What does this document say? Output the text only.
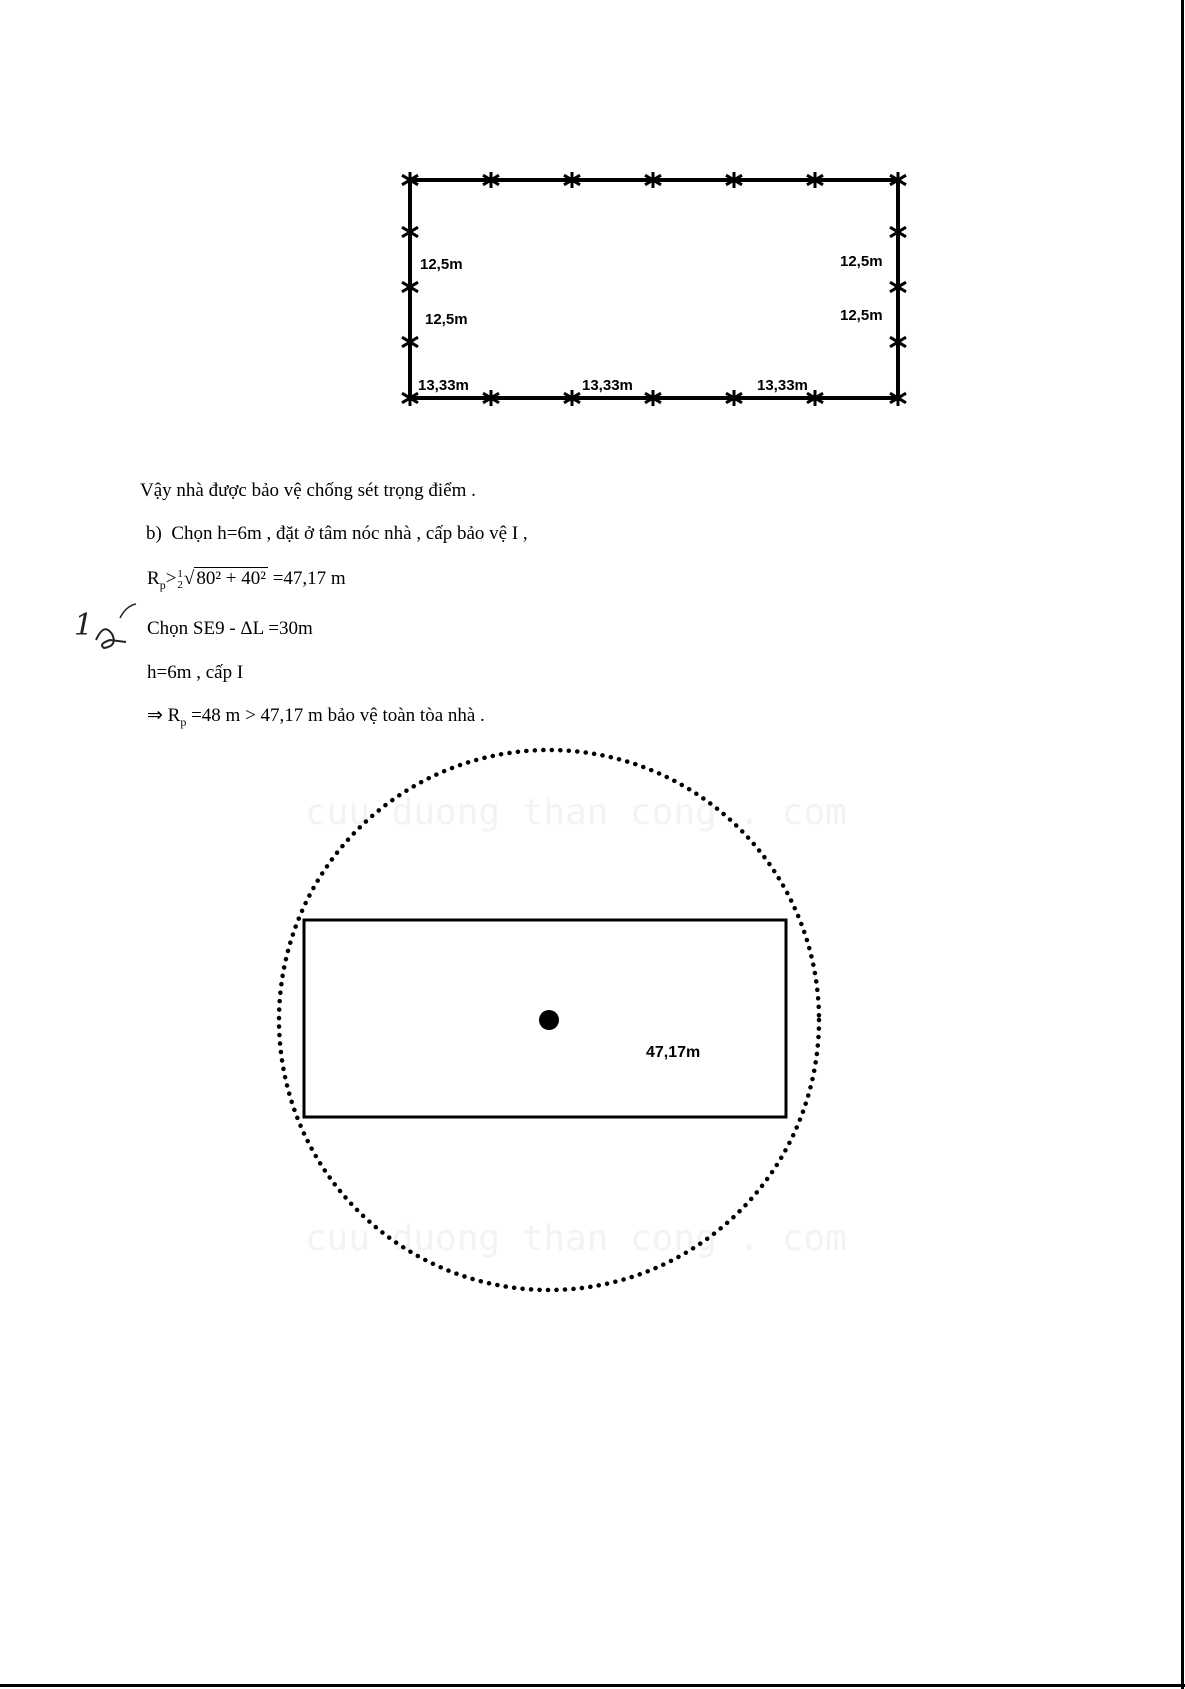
cuu duong than cong . com
cuu duong than cong . com
12,5m
12,5m
12,5m
12,5m
13,33m	13,33m	13,33m
Vậy nhà được bảo vệ chống sét trọng điểm .
b) Chọn h=6m , đặt ở tâm nóc nhà , cấp bảo vệ I ,
$R_p> 1$
2 √ 80² + 40² =47,17 m
Chọn SE9 - ΔL =30m
h=6m , cấp I
⇒ $R_p =48$ m > 47,17 m bảo vệ toàn tòa nhà .
1
47,17m
